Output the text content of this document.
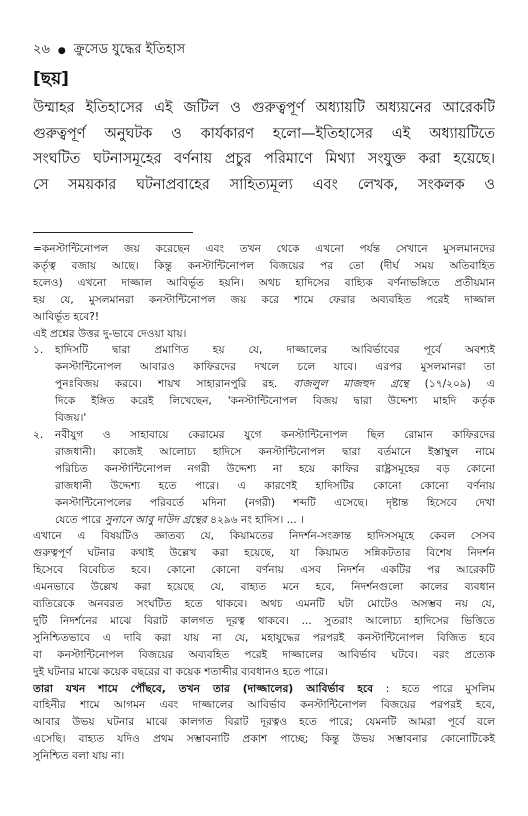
২৬ ● ক্রুসেড যুদ্ধের ইতিহাস
[ছয়]
উম্মাহর ইতিহাসের এই জটিল ও গুরুত্বপূর্ণ অধ্যায়টি অধ্যয়নের আরেকটি
গুরুত্বপূর্ণ অনুঘটক ও কার্যকারণ হলো—ইতিহাসের এই অধ্যায়টিতে
সংঘটিত ঘটনাসমূহের বর্ণনায় প্রচুর পরিমাণে মিথ্যা সংযুক্ত করা হয়েছে।
সে সময়কার ঘটনাপ্রবাহের সাহিত্যমূল্য এবং লেখক, সংকলক ও
=কনস্টান্টিনোপল জয় করেছেন এবং তখন থেকে এখনো পর্যন্ত সেখানে মুসলমানদের
কর্তৃত্ব বজায় আছে। কিন্তু কনস্টান্টিনোপল বিজয়ের পর তো (দীর্ঘ সময় অতিবাহিত
হলেও) এখনো দাজ্জাল আবির্ভূত হয়নি। অথচ হাদিসের বাহ্যিক বর্ণনাভঙ্গিতে প্রতীয়মান
হয় যে, মুসলমানরা কনস্টান্টিনোপল জয় করে শামে ফেরার অব্যবহিত পরেই দাজ্জাল
আবির্ভূত হবে?!
এই প্রশ্নের উত্তর দু-ভাবে দেওয়া যায়।
১.	হাদিসটি দ্বারা প্রমাণিত হয় যে, দাজ্জালের আবির্ভাবের পূর্বে অবশ্যই
কনস্টান্টিনোপল আবারও কাফিরদের দখলে চলে যাবে। এরপর মুসলমানরা তা
পুনঃবিজয় করবে। শায়খ সাহারানপুরি রহ. বাজলুল মাজহুদ গ্রন্থে (১৭/২০৯) এ
দিকে ইঙ্গিত করেই লিখেছেন, 'কনস্টান্টিনোপল বিজয় দ্বারা উদ্দেশ্য মাহদি কর্তৃক
বিজয়।'
২.	নবীযুগ ও সাহাবায়ে কেরামের যুগে কনস্টান্টিনোপল ছিল রোমান কাফিরদের
রাজধানী। কাজেই আলোচ্য হাদিসে কনস্টান্টিনোপল দ্বারা বর্তমানে ইস্তাম্বুল নামে
পরিচিত কনস্টান্টিনোপল নগরী উদ্দেশ্য না হয়ে কাফির রাষ্ট্রসমূহের বড় কোনো
রাজধানী উদ্দেশ্য হতে পারে। এ কারণেই হাদিসটির কোনো কোনো বর্ণনায়
কনস্টান্টিনোপলের পরিবর্তে মদিনা (নগরী) শব্দটি এসেছে। দৃষ্টান্ত হিসেবে দেখা
যেতে পারে সুনানে আবু দাউদ গ্রন্থের ৪২৯৬ নং হাদিস। ... ।
এখানে এ বিষয়টিও জ্ঞাতব্য যে, কিয়ামতের নিদর্শন-সংক্রান্ত হাদিসসমূহে কেবল সেসব
গুরুত্বপূর্ণ ঘটনার কথাই উল্লেখ করা হয়েছে, যা কিয়ামত সন্নিকটতার বিশেষ নিদর্শন
হিসেবে বিবেচিত হবে। কোনো কোনো বর্ণনায় এসব নিদর্শন একটির পর আরেকটি
এমনভাবে উল্লেখ করা হয়েছে যে, বাহ্যত মনে হবে, নিদর্শনগুলো কালের ব্যবধান
ব্যতিরেকে অনবরত সংঘটিত হতে থাকবে। অথচ এমনটি ঘটা মোটেও অসম্ভব নয় যে,
দুটি নিদর্শনের মাঝে বিরাট কালগত দূরত্ব থাকবে। ... সুতরাং আলোচ্য হাদিসের ভিত্তিতে
সুনিশ্চিতভাবে এ দাবি করা যায় না যে, মহাযুদ্ধের পরপরই কনস্টান্টিনোপল বিজিত হবে
বা কনস্টান্টিনোপল বিজয়ের অব্যবহিত পরেই দাজ্জালের আবির্ভাব ঘটবে। বরং প্রত্যেক
দুই ঘটনার মাঝে কয়েক বছরের বা কয়েক শতাব্দীর ব্যবধানও হতে পারে।
তারা যখন শামে পৌঁছবে, তখন তার (দাজ্জালের) আবির্ভাব হবে : হতে পারে মুসলিম
বাহিনীর শামে আগমন এবং দাজ্জালের আবির্ভাব কনস্টান্টিনোপল বিজয়ের পরপরই হবে,
আবার উভয় ঘটনার মাঝে কালগত বিরাট দূরত্বও হতে পারে; যেমনটি আমরা পূর্বে বলে
এসেছি। বাহ্যত যদিও প্রথম সম্ভাবনাটি প্রকাশ পাচ্ছে; কিন্তু উভয় সম্ভাবনার কোনোটিকেই
সুনিশ্চিত বলা যায় না।
